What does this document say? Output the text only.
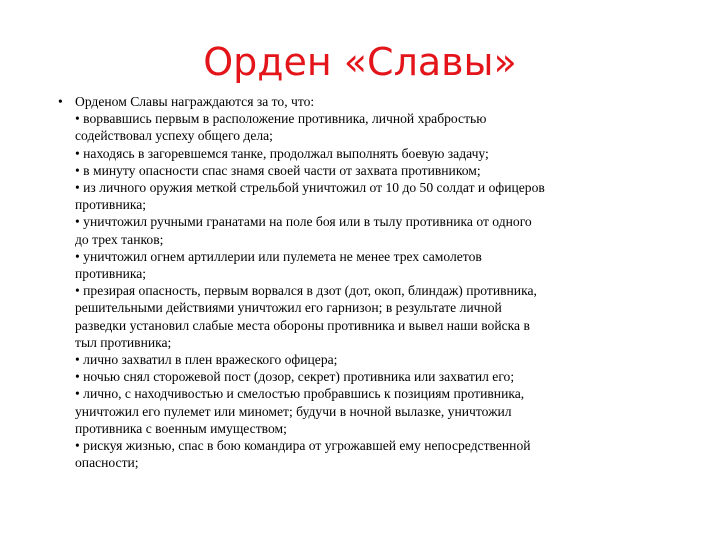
Орден «Славы»
• Орденом Славы награждаются за то, что:
• ворвавшись первым в расположение противника, личной храбростью
содействовал успеху общего дела;
• находясь в загоревшемся танке, продолжал выполнять боевую задачу;
• в минуту опасности спас знамя своей части от захвата противником;
• из личного оружия меткой стрельбой уничтожил от 10 до 50 солдат и офицеров
противника;
• уничтожил ручными гранатами на поле боя или в тылу противника от одного
до трех танков;
• уничтожил огнем артиллерии или пулемета не менее трех самолетов
противника;
• презирая опасность, первым ворвался в дзот (дот, окоп, блиндаж) противника,
решительными действиями уничтожил его гарнизон; в результате личной
разведки установил слабые места обороны противника и вывел наши войска в
тыл противника;
• лично захватил в плен вражеского офицера;
• ночью снял сторожевой пост (дозор, секрет) противника или захватил его;
• лично, с находчивостью и смелостью пробравшись к позициям противника,
уничтожил его пулемет или миномет; будучи в ночной вылазке, уничтожил
противника с военным имуществом;
• рискуя жизнью, спас в бою командира от угрожавшей ему непосредственной
опасности;
